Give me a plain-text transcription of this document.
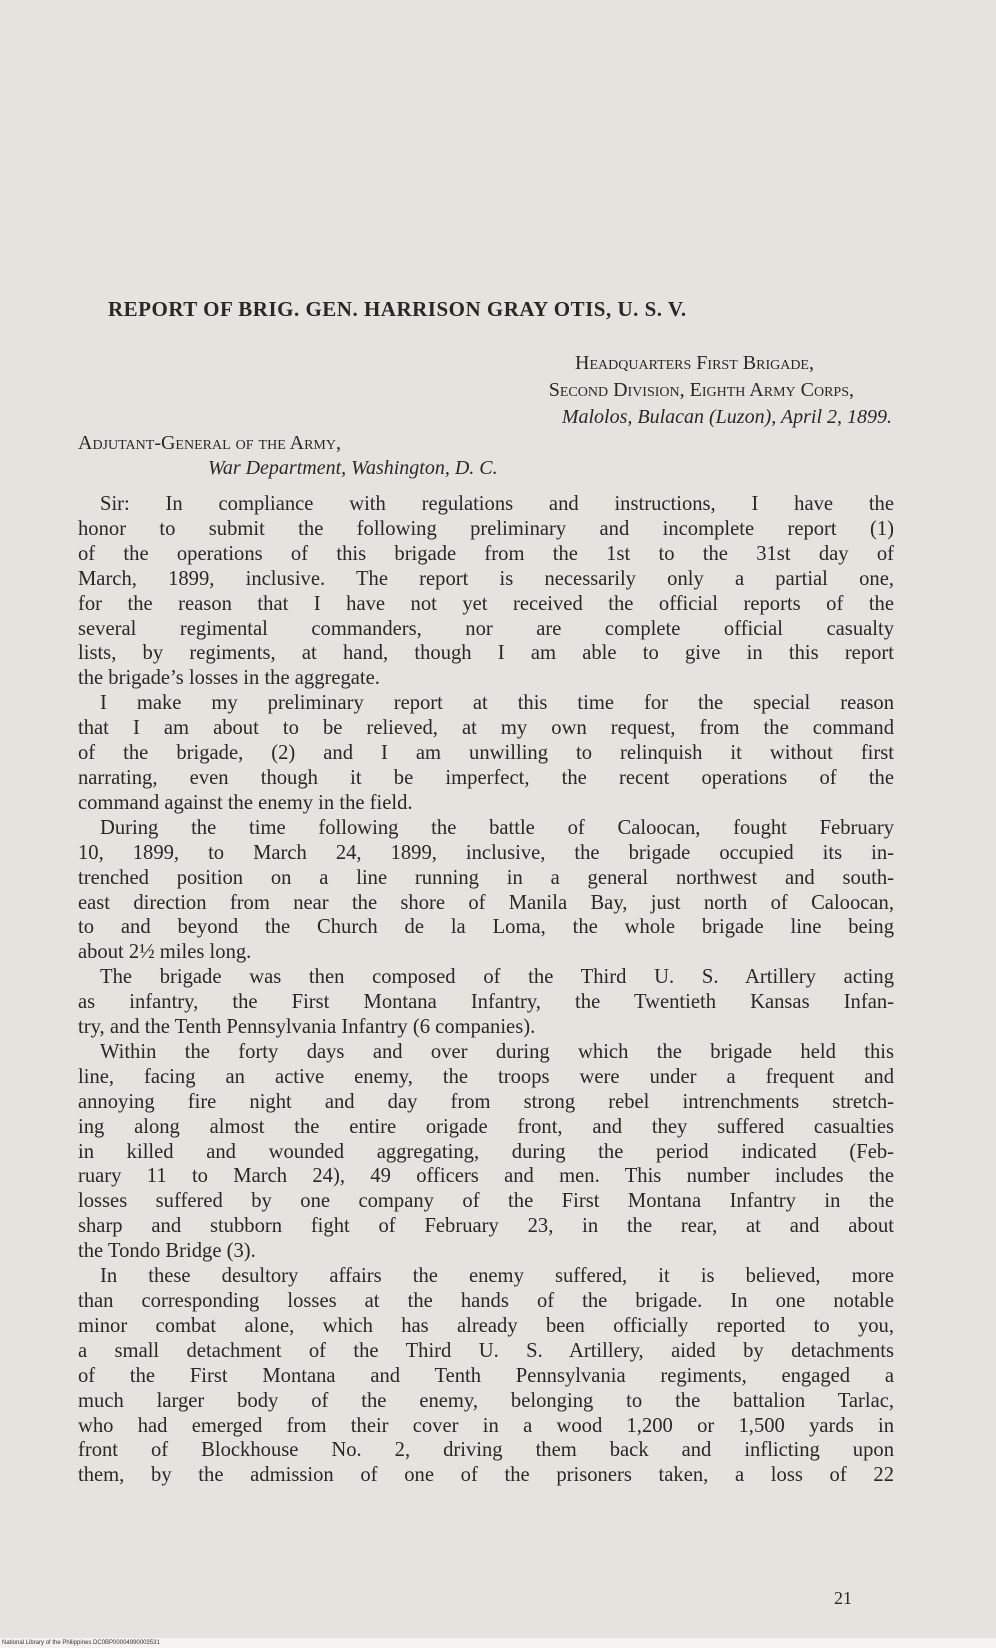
REPORT OF BRIG. GEN. HARRISON GRAY OTIS, U. S. V.
Headquarters First Brigade,
Second Division, Eighth Army Corps,
Malolos, Bulacan (Luzon), April 2, 1899.
Adjutant-General of the Army,
War Department, Washington, D. C.
Sir: In compliance with regulations and instructions, I have the
honor to submit the following preliminary and incomplete report (1)
of the operations of this brigade from the 1st to the 31st day of
March, 1899, inclusive. The report is necessarily only a partial one,
for the reason that I have not yet received the official reports of the
several regimental commanders, nor are complete official casualty
lists, by regiments, at hand, though I am able to give in this report
the brigade’s losses in the aggregate.
I make my preliminary report at this time for the special reason
that I am about to be relieved, at my own request, from the command
of the brigade, (2) and I am unwilling to relinquish it without first
narrating, even though it be imperfect, the recent operations of the
command against the enemy in the field.
During the time following the battle of Caloocan, fought February
10, 1899, to March 24, 1899, inclusive, the brigade occupied its in-
trenched position on a line running in a general northwest and south-
east direction from near the shore of Manila Bay, just north of Caloocan,
to and beyond the Church de la Loma, the whole brigade line being
about 2½ miles long.
The brigade was then composed of the Third U. S. Artillery acting
as infantry, the First Montana Infantry, the Twentieth Kansas Infan-
try, and the Tenth Pennsylvania Infantry (6 companies).
Within the forty days and over during which the brigade held this
line, facing an active enemy, the troops were under a frequent and
annoying fire night and day from strong rebel intrenchments stretch-
ing along almost the entire origade front, and they suffered casualties
in killed and wounded aggregating, during the period indicated (Feb-
ruary 11 to March 24), 49 officers and men. This number includes the
losses suffered by one company of the First Montana Infantry in the
sharp and stubborn fight of February 23, in the rear, at and about
the Tondo Bridge (3).
In these desultory affairs the enemy suffered, it is believed, more
than corresponding losses at the hands of the brigade. In one notable
minor combat alone, which has already been officially reported to you,
a small detachment of the Third U. S. Artillery, aided by detachments
of the First Montana and Tenth Pennsylvania regiments, engaged a
much larger body of the enemy, belonging to the battalion Tarlac,
who had emerged from their cover in a wood 1,200 or 1,500 yards in
front of Blockhouse No. 2, driving them back and inflicting upon
them, by the admission of one of the prisoners taken, a loss of 22
21
National Library of the Philippines DC0BP00004990003531
